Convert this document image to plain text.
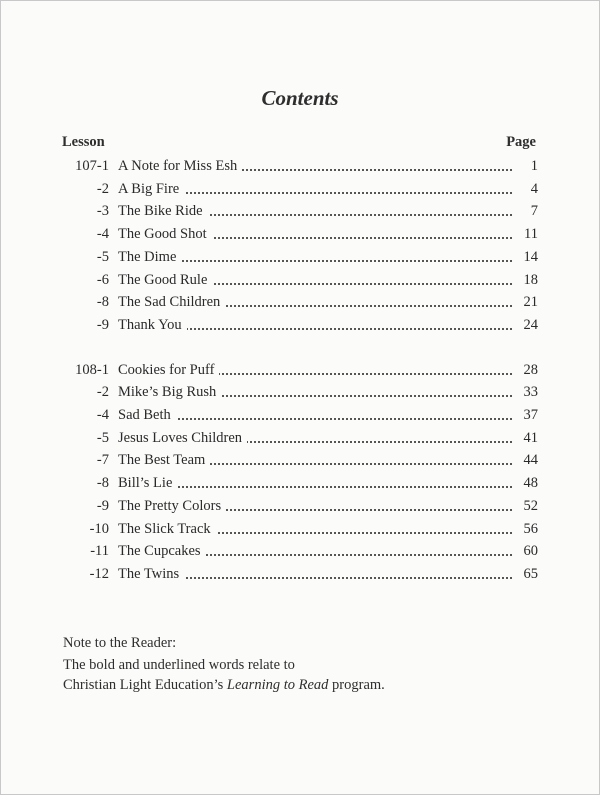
Contents
Lesson	Page
107-1 A Note for Miss Esh	1
-2 A Big Fire	4
-3 The Bike Ride	7
-4 The Good Shot	11
-5 The Dime	14
-6 The Good Rule	18
-8 The Sad Children	21
-9 Thank You	24
108-1 Cookies for Puff	28
-2 Mike’s Big Rush	33
-4 Sad Beth	37
-5 Jesus Loves Children	41
-7 The Best Team	44
-8 Bill’s Lie	48
-9 The Pretty Colors	52
-10 The Slick Track	56
-11 The Cupcakes	60
-12 The Twins	65
Note to the Reader:
The bold and underlined words relate to
Christian Light Education’s Learning to Read program.
